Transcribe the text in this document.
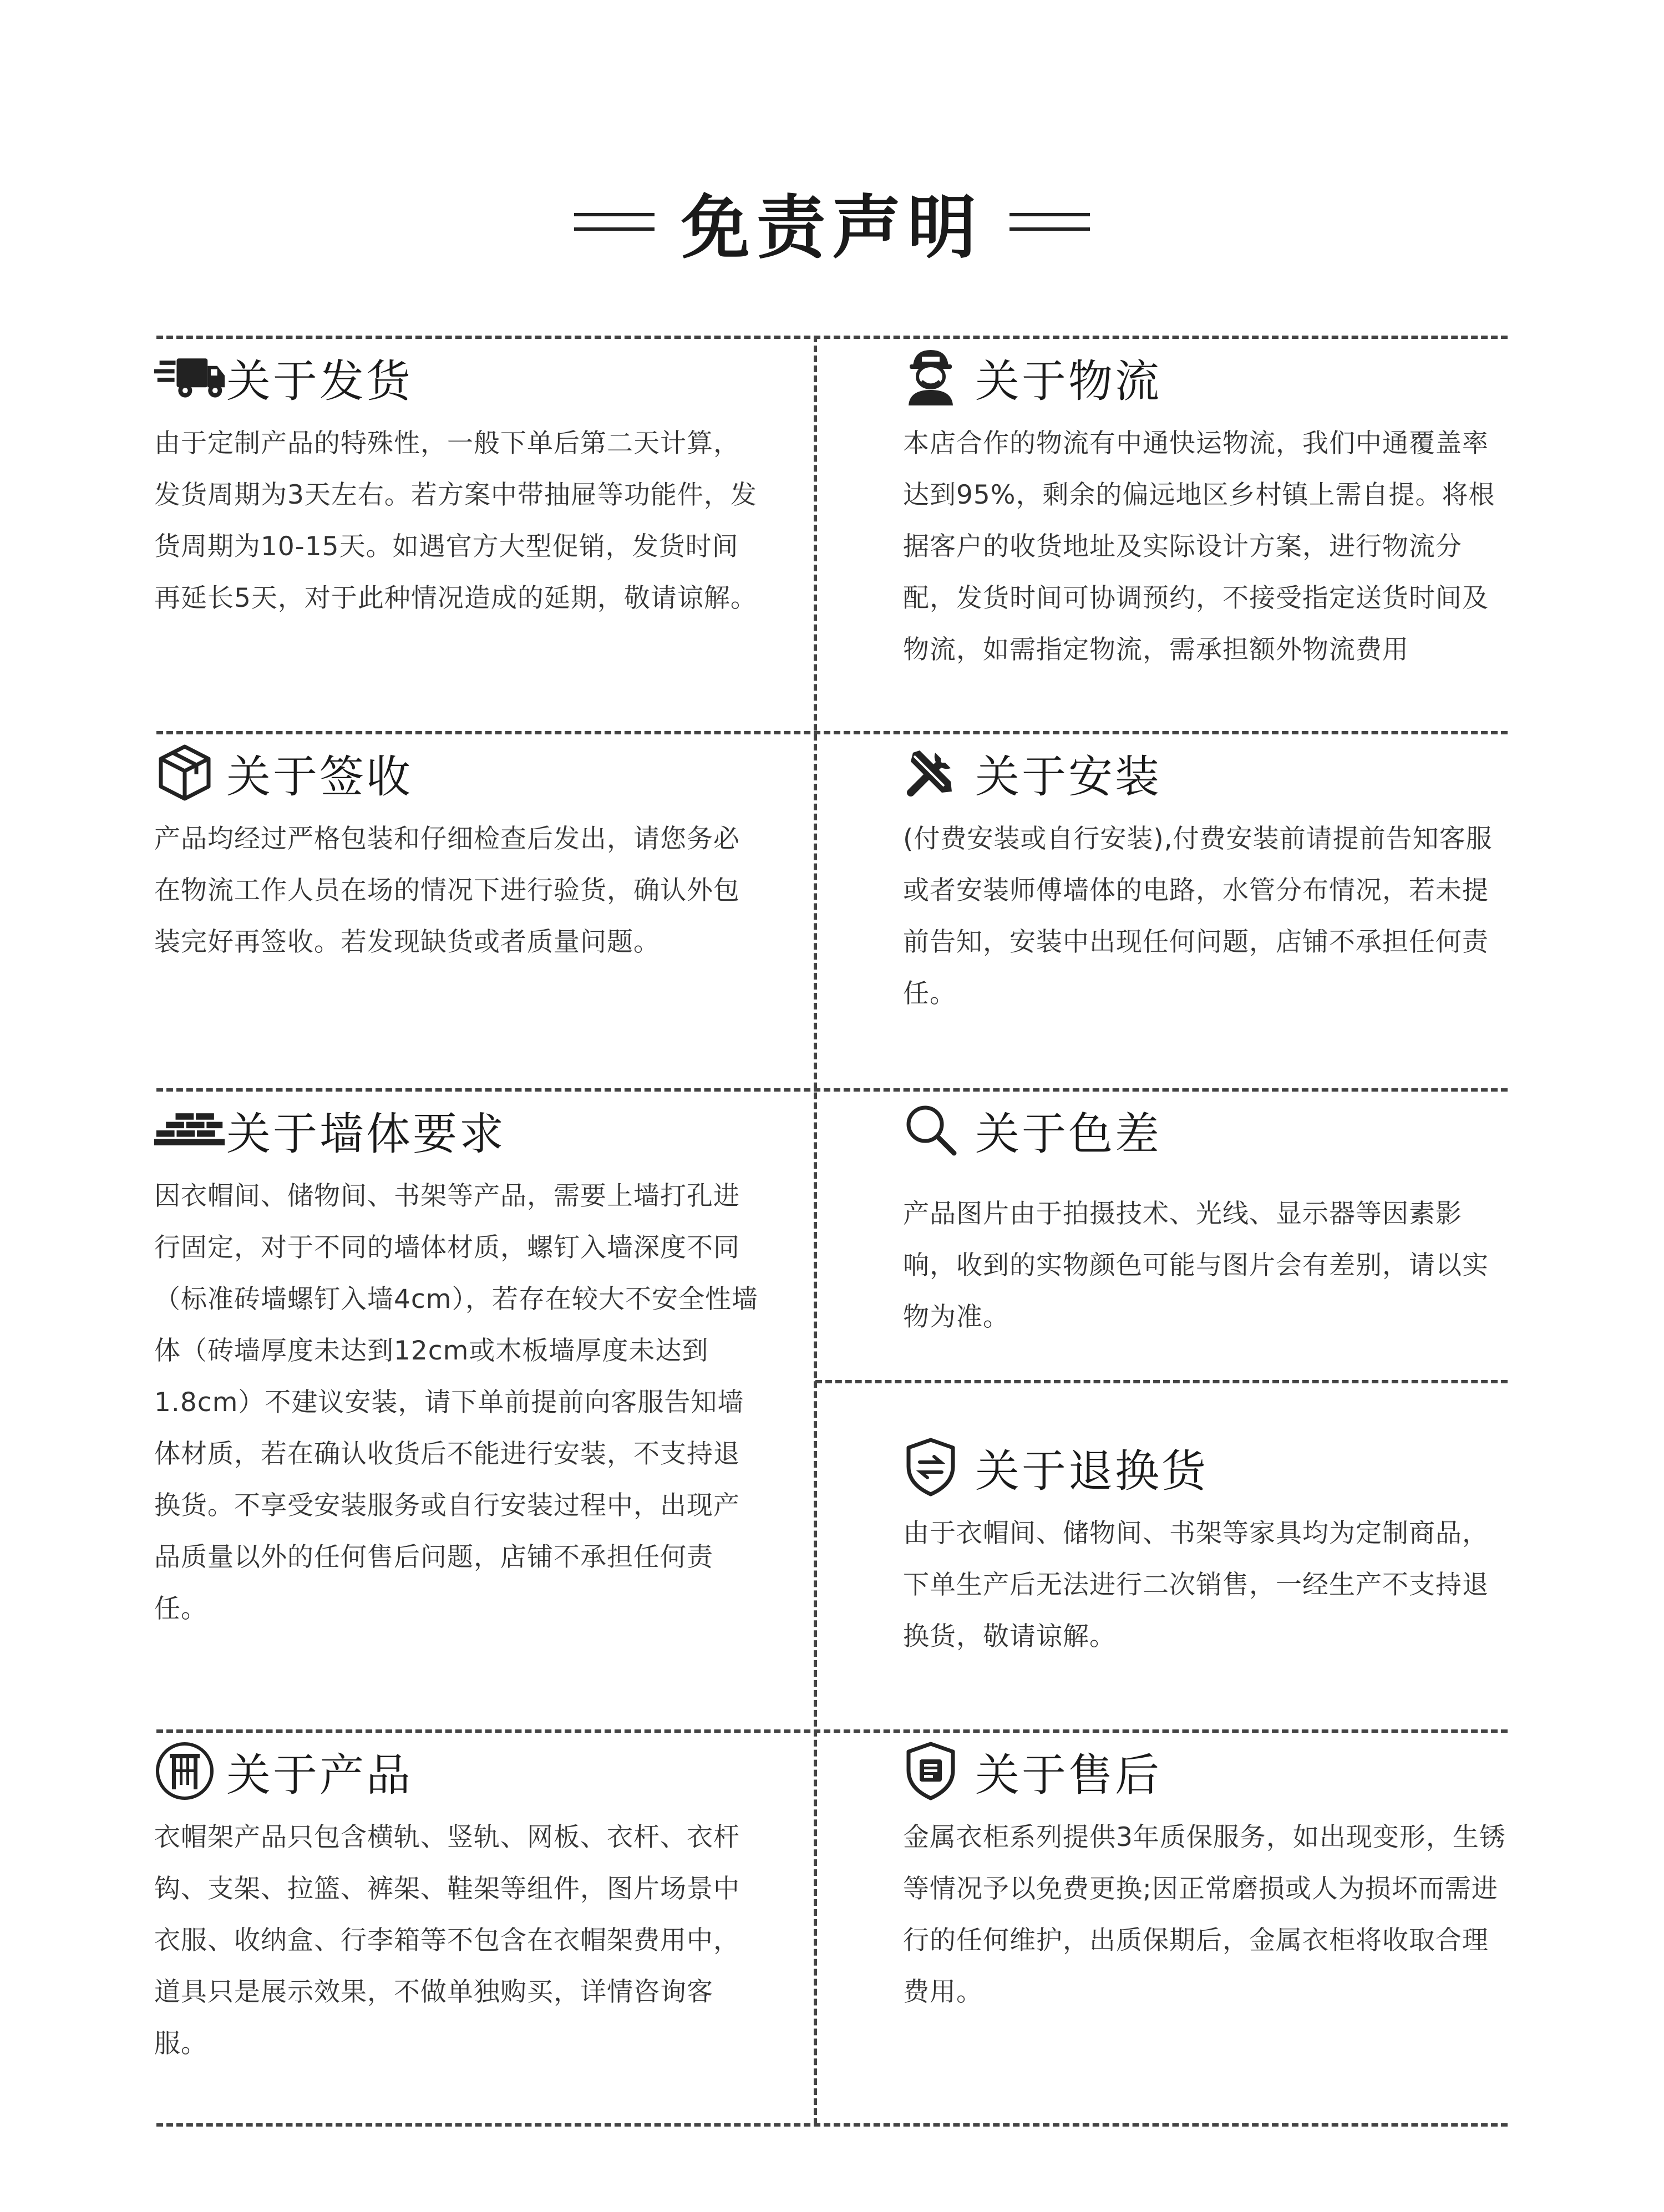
免责声明
关于发货
由于定制产品的特殊性，一般下单后第二天计算，发货周期为3天左右。若方案中带抽屉等功能件，发货周期为10-15天。如遇官方大型促销，发货时间再延长5天，对于此种情况造成的延期，敬请谅解。
关于物流
本店合作的物流有中通快运物流，我们中通覆盖率达到95%，剩余的偏远地区乡村镇上需自提。将根据客户的收货地址及实际设计方案，进行物流分配，发货时间可协调预约，不接受指定送货时间及物流，如需指定物流，需承担额外物流费用
关于签收
产品均经过严格包装和仔细检查后发出，请您务必在物流工作人员在场的情况下进行验货，确认外包装完好再签收。若发现缺货或者质量问题。
关于安装
(付费安装或自行安装),付费安装前请提前告知客服或者安装师傅墙体的电路，水管分布情况，若未提前告知，安装中出现任何问题，店铺不承担任何责任。
关于墙体要求
因衣帽间、储物间、书架等产品，需要上墙打孔进行固定，对于不同的墙体材质，螺钉入墙深度不同（标准砖墙螺钉入墙4cm），若存在较大不安全性墙体（砖墙厚度未达到12cm或木板墙厚度未达到1.8cm）不建议安装，请下单前提前向客服告知墙体材质，若在确认收货后不能进行安装，不支持退换货。不享受安装服务或自行安装过程中，出现产品质量以外的任何售后问题，店铺不承担任何责任。
关于色差
产品图片由于拍摄技术、光线、显示器等因素影响，收到的实物颜色可能与图片会有差别，请以实物为准。
关于退换货
由于衣帽间、储物间、书架等家具均为定制商品，下单生产后无法进行二次销售，一经生产不支持退换货，敬请谅解。
关于产品
衣帽架产品只包含横轨、竖轨、网板、衣杆、衣杆钩、支架、拉篮、裤架、鞋架等组件，图片场景中衣服、收纳盒、行李箱等不包含在衣帽架费用中，道具只是展示效果，不做单独购买，详情咨询客服。
关于售后
金属衣柜系列提供3年质保服务，如出现变形，生锈等情况予以免费更换;因正常磨损或人为损坏而需进行的任何维护，出质保期后，金属衣柜将收取合理费用。
